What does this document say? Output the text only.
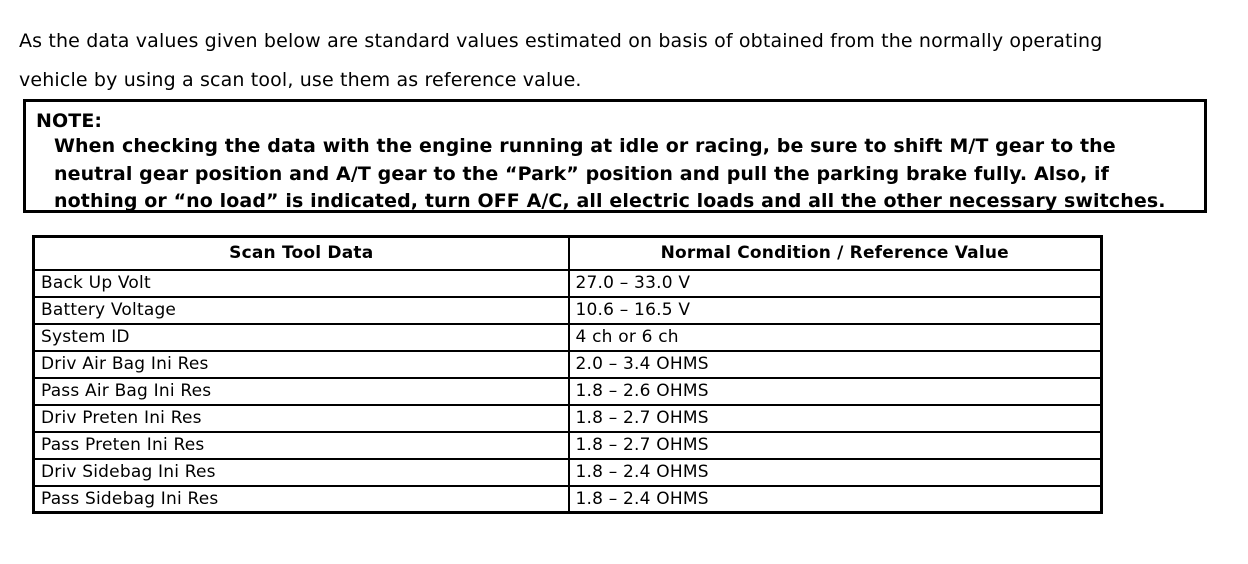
As the data values given below are standard values estimated on basis of obtained from the normally operating

vehicle by using a scan tool, use them as reference value.

NOTE:

When checking the data with the engine running at idle or racing, be sure to shift M/T gear to the

neutral gear position and A/T gear to the “Park” position and pull the parking brake fully. Also, if

nothing or “no load” is indicated, turn OFF A/C, all electric loads and all the other necessary switches.

Scan Tool Data	Normal Condition / Reference Value
Back Up Volt	27.0 – 33.0 V
Battery Voltage	10.6 – 16.5 V
System ID	4 ch or 6 ch
Driv Air Bag Ini Res	2.0 – 3.4 OHMS
Pass Air Bag Ini Res	1.8 – 2.6 OHMS
Driv Preten Ini Res	1.8 – 2.7 OHMS
Pass Preten Ini Res	1.8 – 2.7 OHMS
Driv Sidebag Ini Res	1.8 – 2.4 OHMS
Pass Sidebag Ini Res	1.8 – 2.4 OHMS
